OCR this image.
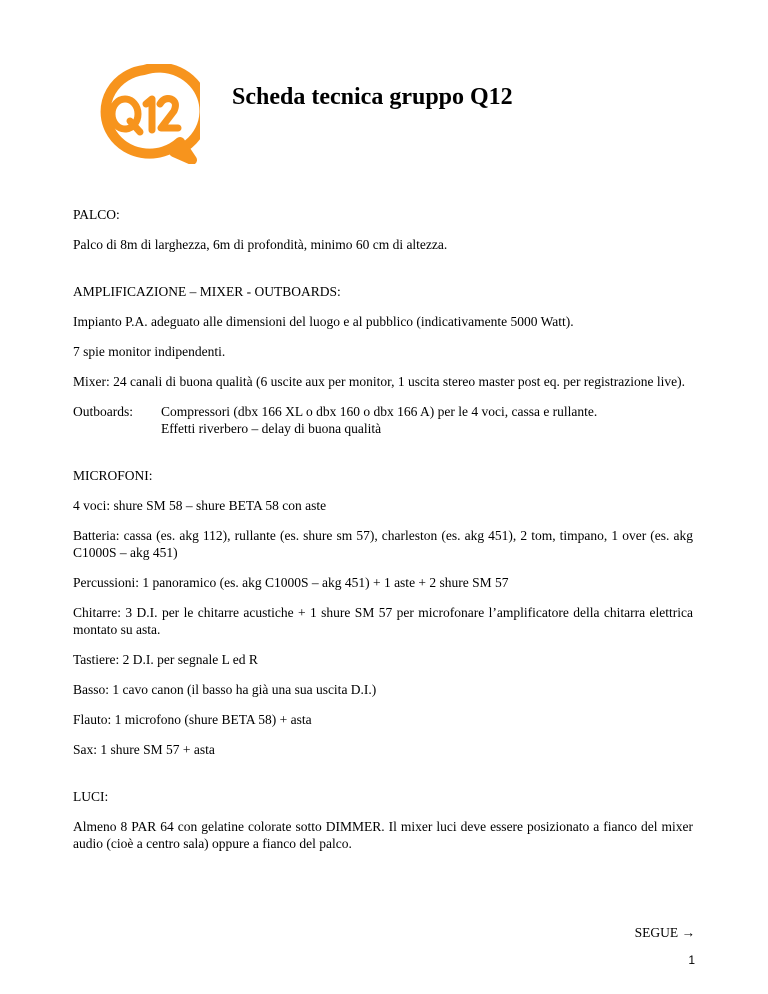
Scheda tecnica gruppo Q12

PALCO:

Palco di 8m di larghezza, 6m di profondità, minimo 60 cm di altezza.

AMPLIFICAZIONE – MIXER - OUTBOARDS:

Impianto P.A. adeguato alle dimensioni del luogo e al pubblico (indicativamente 5000 Watt).

7 spie monitor indipendenti.

Mixer: 24 canali di buona qualità (6 uscite aux per monitor, 1 uscita stereo master post eq. per registrazione live).

Outboards:	Compressori (dbx 166 XL o dbx 160 o dbx 166 A) per le 4 voci, cassa e rullante.

Effetti riverbero – delay di buona qualità

MICROFONI:

4 voci: shure SM 58 – shure BETA 58 con aste

Batteria: cassa (es. akg 112), rullante (es. shure sm 57), charleston (es. akg 451), 2 tom, timpano, 1 over (es. akg C1000S – akg 451)

Percussioni: 1 panoramico (es. akg C1000S – akg 451) + 1 aste + 2 shure SM 57

Chitarre: 3 D.I. per le chitarre acustiche + 1 shure SM 57 per microfonare l’amplificatore della chitarra elettrica montato su asta.

Tastiere: 2 D.I. per segnale L ed R

Basso: 1 cavo canon (il basso ha già una sua uscita D.I.)

Flauto: 1 microfono (shure BETA 58) + asta

Sax: 1 shure SM 57 + asta

LUCI:

Almeno 8 PAR 64 con gelatine colorate sotto DIMMER. Il mixer luci deve essere posizionato a fianco del mixer audio (cioè a centro sala) oppure a fianco del palco.

SEGUE →
1
